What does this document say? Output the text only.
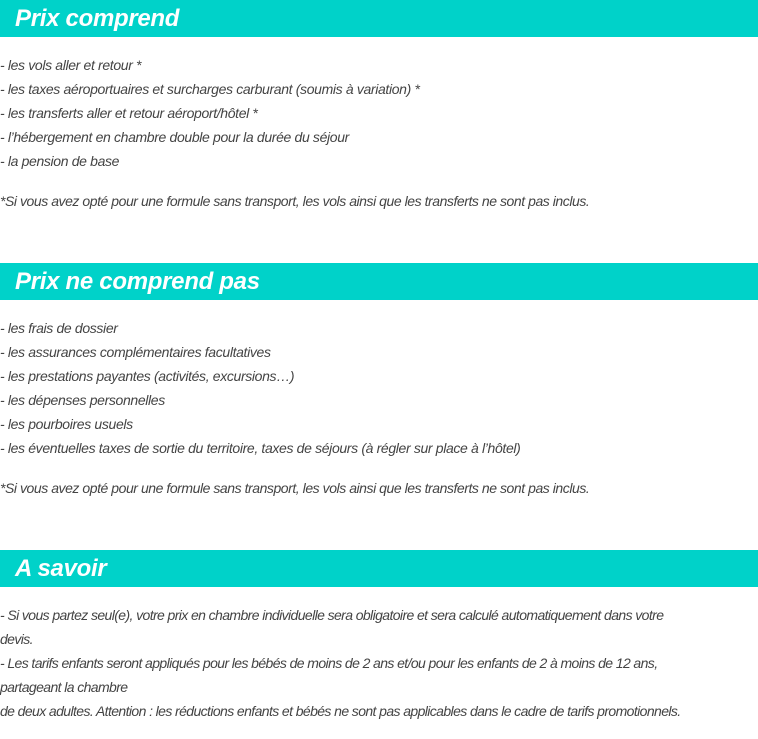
Prix comprend
- les vols aller et retour *
- les taxes aéroportuaires et surcharges carburant (soumis à variation) *
- les transferts aller et retour aéroport/hôtel *
- l’hébergement en chambre double pour la durée du séjour
- la pension de base
*Si vous avez opté pour une formule sans transport, les vols ainsi que les transferts ne sont pas inclus.
Prix ne comprend pas
- les frais de dossier
- les assurances complémentaires facultatives
- les prestations payantes (activités, excursions…)
- les dépenses personnelles
- les pourboires usuels
- les éventuelles taxes de sortie du territoire, taxes de séjours (à régler sur place à l’hôtel)
*Si vous avez opté pour une formule sans transport, les vols ainsi que les transferts ne sont pas inclus.
A savoir
- Si vous partez seul(e), votre prix en chambre individuelle sera obligatoire et sera calculé automatiquement dans votre
devis.
- Les tarifs enfants seront appliqués pour les bébés de moins de 2 ans et/ou pour les enfants de 2 à moins de 12 ans,
partageant la chambre
de deux adultes. Attention : les réductions enfants et bébés ne sont pas applicables dans le cadre de tarifs promotionnels.
